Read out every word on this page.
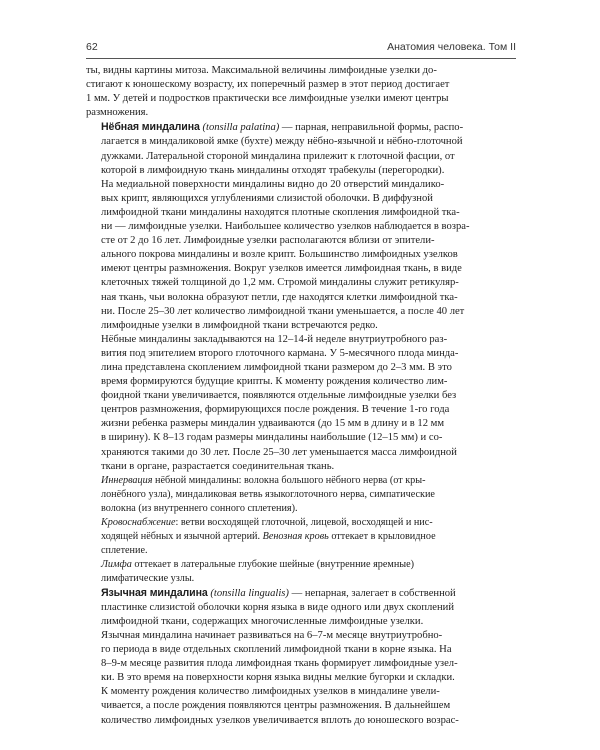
62	Анатомия человека. Том II

ты, видны картины митоза. Максимальной величины лимфоидные узелки до-
стигают к юношескому возрасту, их поперечный размер в этот период достигает
1 мм. У детей и подростков практически все лимфоидные узелки имеют центры
размножения.

Нёбная миндалина (tonsilla palatina) — парная, неправильной формы, распо-
лагается в миндаликовой ямке (бухте) между нёбно-язычной и нёбно-глоточной
дужками. Латеральной стороной миндалина прилежит к глоточной фасции, от
которой в лимфоидную ткань миндалины отходят трабекулы (перегородки).

На медиальной поверхности миндалины видно до 20 отверстий миндалико-
вых крипт, являющихся углублениями слизистой оболочки. В диффузной
лимфоидной ткани миндалины находятся плотные скопления лимфоидной тка-
ни — лимфоидные узелки. Наибольшее количество узелков наблюдается в возра-
сте от 2 до 16 лет. Лимфоидные узелки располагаются вблизи от эпители-
ального покрова миндалины и возле крипт. Большинство лимфоидных узелков
имеют центры размножения. Вокруг узелков имеется лимфоидная ткань, в виде
клеточных тяжей толщиной до 1,2 мм. Стромой миндалины служит ретикуляр-
ная ткань, чьи волокна образуют петли, где находятся клетки лимфоидной тка-
ни. После 25–30 лет количество лимфоидной ткани уменьшается, а после 40 лет
лимфоидные узелки в лимфоидной ткани встречаются редко.

Нёбные миндалины закладываются на 12–14-й неделе внутриутробного раз-
вития под эпителием второго глоточного кармана. У 5-месячного плода минда-
лина представлена скоплением лимфоидной ткани размером до 2–3 мм. В это
время формируются будущие крипты. К моменту рождения количество лим-
фоидной ткани увеличивается, появляются отдельные лимфоидные узелки без
центров размножения, формирующихся после рождения. В течение 1-го года
жизни ребенка размеры миндалин удваиваются (до 15 мм в длину и в 12 мм
в ширину). К 8–13 годам размеры миндалины наибольшие (12–15 мм) и со-
храняются такими до 30 лет. После 25–30 лет уменьшается масса лимфоидной
ткани в органе, разрастается соединительная ткань.

Иннервация нёбной миндалины: волокна большого нёбного нерва (от кры-
лонёбного узла), миндаликовая ветвь языкоглоточного нерва, симпатические
волокна (из внутреннего сонного сплетения).

Кровоснабжение: ветви восходящей глоточной, лицевой, восходящей и нис-
ходящей нёбных и язычной артерий. Венозная кровь оттекает в крыловидное
сплетение.

Лимфа оттекает в латеральные глубокие шейные (внутренние яремные)
лимфатические узлы.

Язычная миндалина (tonsilla lingualis) — непарная, залегает в собственной
пластинке слизистой оболочки корня языка в виде одного или двух скоплений
лимфоидной ткани, содержащих многочисленные лимфоидные узелки.

Язычная миндалина начинает развиваться на 6–7-м месяце внутриутробно-
го периода в виде отдельных скоплений лимфоидной ткани в корне языка. На
8–9-м месяце развития плода лимфоидная ткань формирует лимфоидные узел-
ки. В это время на поверхности корня языка видны мелкие бугорки и складки.
К моменту рождения количество лимфоидных узелков в миндалине увели-
чивается, а после рождения появляются центры размножения. В дальнейшем
количество лимфоидных узелков увеличивается вплоть до юношеского возрас-
